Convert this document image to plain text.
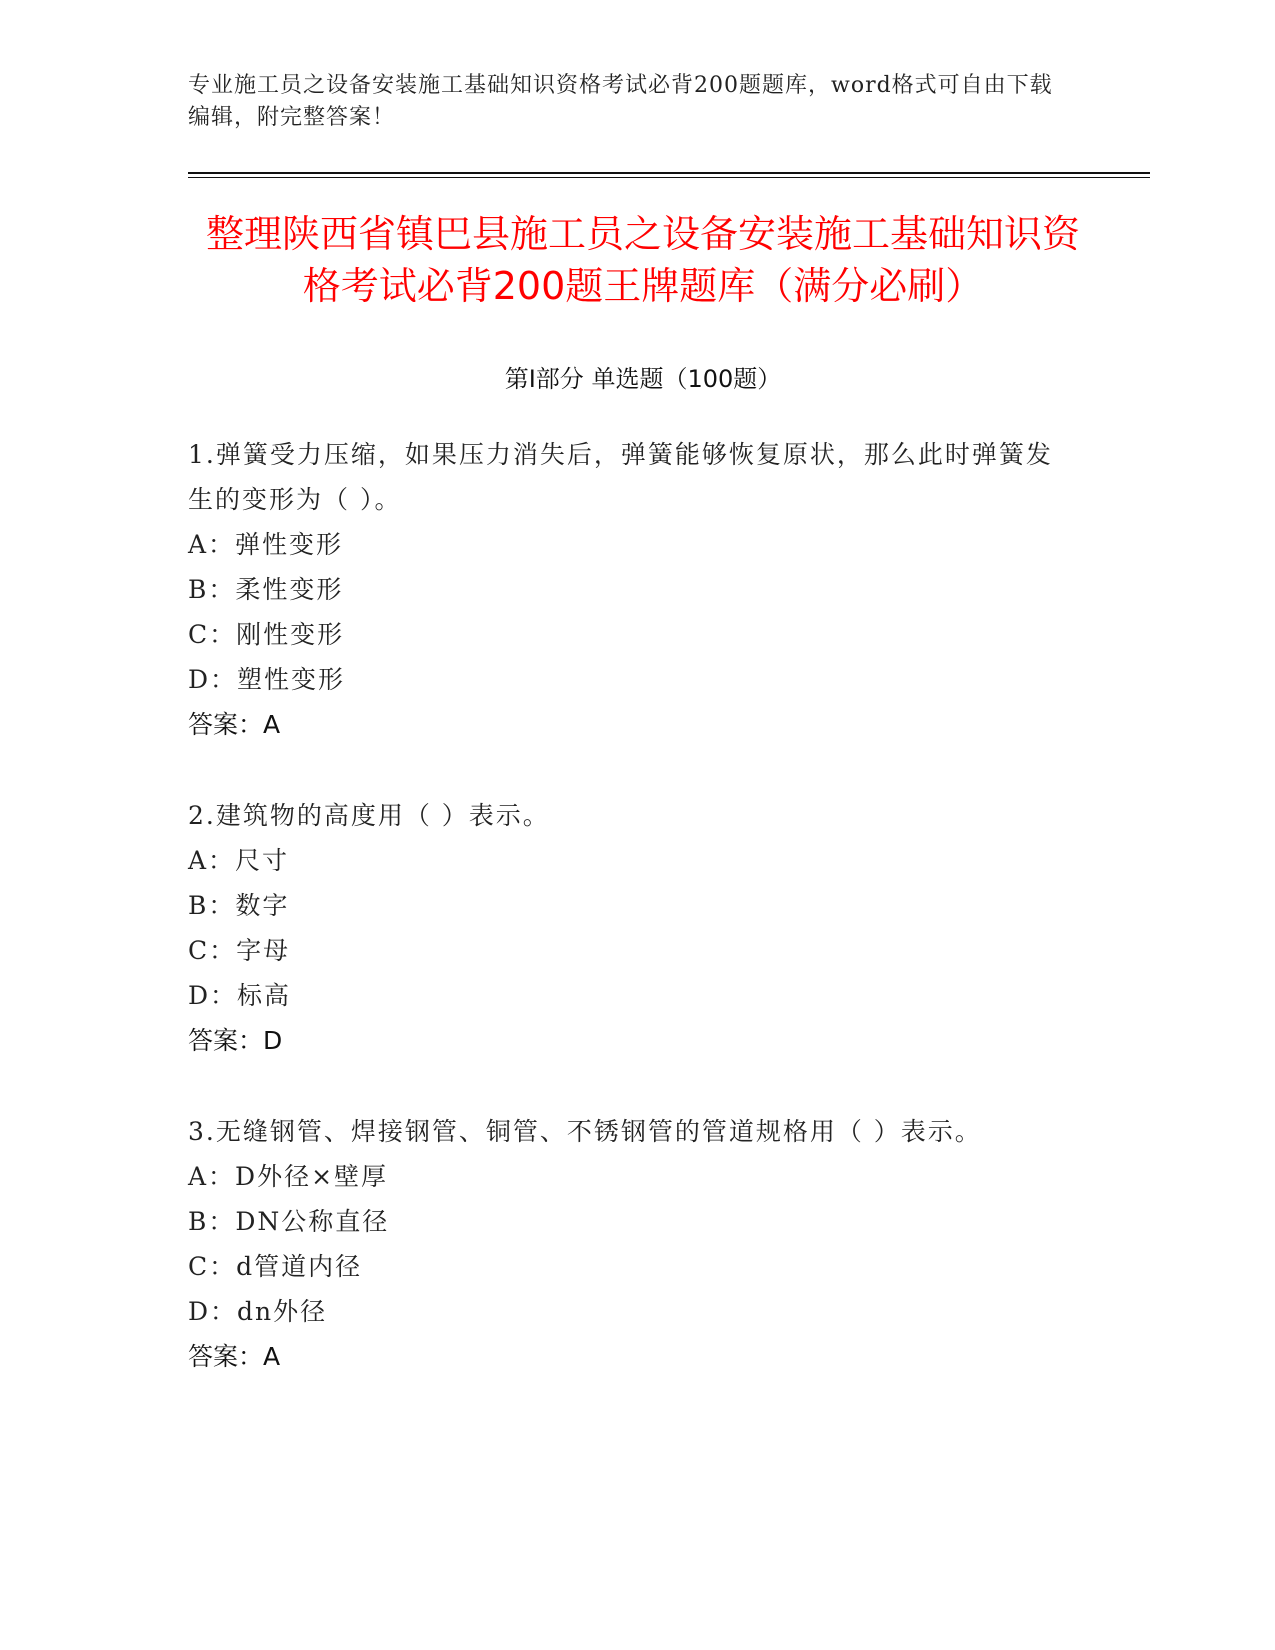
专业施工员之设备安装施工基础知识资格考试必背200题题库，word格式可自由下载编辑，附完整答案！
整理陕西省镇巴县施工员之设备安装施工基础知识资格考试必背200题王牌题库（满分必刷）
第I部分 单选题（100题）
1.弹簧受力压缩，如果压力消失后，弹簧能够恢复原状，那么此时弹簧发生的变形为（ ）。
A：弹性变形
B：柔性变形
C：刚性变形
D：塑性变形
答案：A
2.建筑物的高度用（ ）表示。
A：尺寸
B：数字
C：字母
D：标高
答案：D
3.无缝钢管、焊接钢管、铜管、不锈钢管的管道规格用（ ）表示。
A：D外径×壁厚
B：DN公称直径
C：d管道内径
D：dn外径
答案：A
